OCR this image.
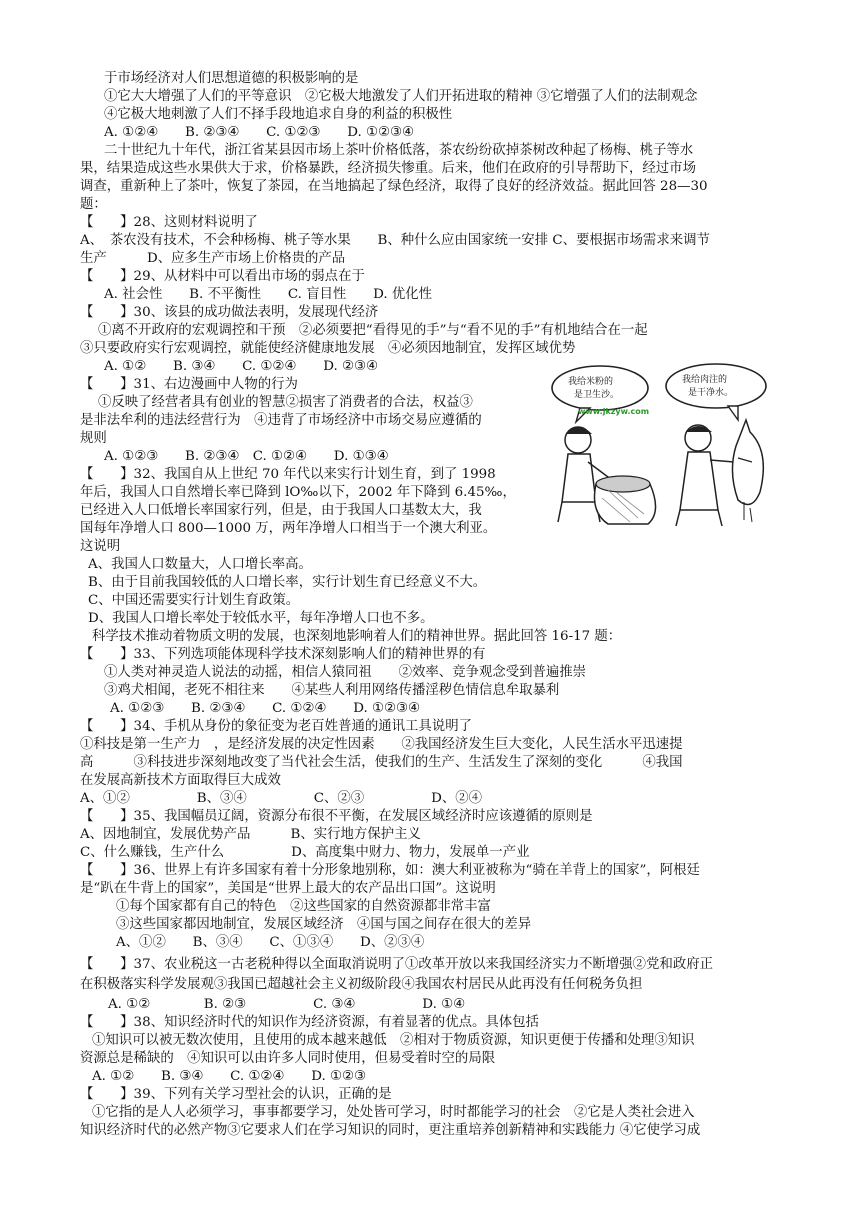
于市场经济对人们思想道德的积极影响的是
①它大大增强了人们的平等意识　②它极大地激发了人们开拓进取的精神 ③它增强了人们的法制观念
④它极大地刺激了人们不择手段地追求自身的利益的积极性
A. ①②④　　B. ②③④　　C. ①②③　　D. ①②③④
二十世纪九十年代，浙江省某县因市场上茶叶价格低落，茶农纷纷砍掉茶树改种起了杨梅、桃子等水
果，结果造成这些水果供大于求，价格暴跌，经济损失惨重。后来，他们在政府的引导帮助下，经过市场
调查，重新种上了茶叶，恢复了茶园，在当地搞起了绿色经济，取得了良好的经济效益。据此回答 28—30
题：
【　　】28、这则材料说明了
A、　茶农没有技术，不会种杨梅、桃子等水果　　B、种什么应由国家统一安排 C、要根据市场需求来调节
生产　　　D、应多生产市场上价格贵的产品
【　　】29、从材料中可以看出市场的弱点在于
A. 社会性　　B. 不平衡性　　C. 盲目性　　D. 优化性
【　　】30、该县的成功做法表明，发展现代经济
①离不开政府的宏观调控和干预　②必须要把“看得见的手”与“看不见的手”有机地结合在一起
③只要政府实行宏观调控，就能使经济健康地发展　④必须因地制宜，发挥区域优势
A. ①②　　B. ③④　　C. ①②④　　D. ②③④
【　　】31、右边漫画中人物的行为
①反映了经营者具有创业的智慧②损害了消费者的合法，权益③
是非法牟利的违法经营行为　④违背了市场经济中市场交易应遵循的
规则
A. ①②③　　B. ②③④　C. ①②④　　D. ①③④
【　　】32、我国自从上世纪 70 年代以来实行计划生育，到了 1998
年后，我国人口自然增长率已降到 lO‰以下，2002 年下降到 6.45‰，
已经进入人口低增长率国家行列，但是，由于我国人口基数太大，我
国每年净增人口 800—1000 万，两年净增人口相当于一个澳大利亚。
这说明
A、我国人口数量大，人口增长率高。
B、由于目前我国较低的人口增长率，实行计划生育已经意义不大。
C、中国还需要实行计划生育政策。
D、我国人口增长率处于较低水平，每年净增人口也不多。
科学技术推动着物质文明的发展，也深刻地影响着人们的精神世界。据此回答 16-17 题：
【　　】33、下列选项能体现科学技术深刻影响人们的精神世界的有
①人类对神灵造人说法的动摇，相信人猿同祖　　②效率、竞争观念受到普遍推崇
③鸡犬相闻，老死不相往来　　④某些人利用网络传播淫秽色情信息牟取暴利
A. ①②③　　B. ②③④　　C. ①②④　　D. ①②③④
【　　】34、手机从身份的象征变为老百姓普通的通讯工具说明了
①科技是第一生产力　，是经济发展的决定性因素　　②我国经济发生巨大变化，人民生活水平迅速提
高　　　③科技进步深刻地改变了当代社会生活，使我们的生产、生活发生了深刻的变化　　　④我国
在发展高新技术方面取得巨大成效
A、①②　　　　　B、③④　　　　　C、②③　　　　　D、②④
【　　】35、我国幅员辽阔，资源分布很不平衡，在发展区域经济时应该遵循的原则是
A、因地制宜，发展优势产品　　　B、实行地方保护主义
C、什么赚钱，生产什么　　　　　D、高度集中财力、物力，发展单一产业
【　　】36、世界上有许多国家有着十分形象地别称，如：澳大利亚被称为“骑在羊背上的国家”，阿根廷
是“趴在牛背上的国家”，美国是“世界上最大的农产品出口国”。这说明
①每个国家都有自己的特色　②这些国家的自然资源都非常丰富
③这些国家都因地制宜，发展区域经济　④国与国之间存在很大的差异
A、①②　　B、③④　　C、①③④　　D、②③④
【　　】37、农业税这一古老税种得以全面取消说明了①改革开放以来我国经济实力不断增强②党和政府正
在积极落实科学发展观③我国已超越社会主义初级阶段④我国农村居民从此再没有任何税务负担
A. ①②　　　　B. ②③　　　　　C. ③④　　　　　D. ①④
【　　】38、知识经济时代的知识作为经济资源，有着显著的优点。具体包括
①知识可以被无数次使用，且使用的成本越来越低　②相对于物质资源，知识更便于传播和处理③知识
资源总是稀缺的　④知识可以由许多人同时使用，但易受着时空的局限
A. ①②　　B. ③④　　C. ①②④　　D. ①②③
【　　】39、下列有关学习型社会的认识，正确的是
①它指的是人人必须学习，事事都要学习，处处皆可学习，时时都能学习的社会　②它是人类社会进入
知识经济时代的必然产物③它要求人们在学习知识的同时，更注重培养创新精神和实践能力 ④它使学习成
我给米粉的
是卫生沙。
我给肉注的
是干净水。
www.jkzyw.com
